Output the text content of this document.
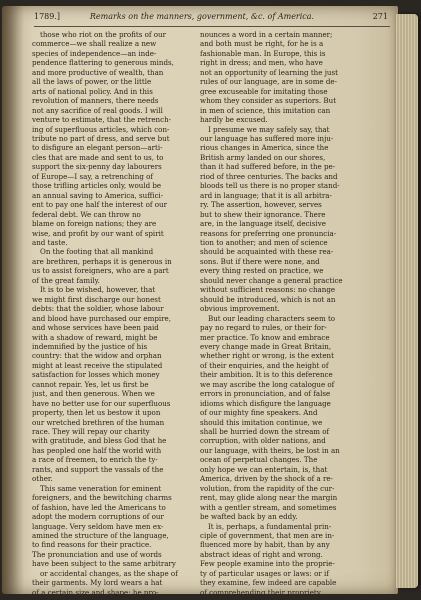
1789.]	Remarks on the manners, government, &c. of America.	271
those who riot on the profits of our
commerce—we shall realize a new
species of independence—an inde-
pendence flattering to generous minds,
and more productive of wealth, than
all the laws of power, or the little
arts of national policy. And in this
revolution of manners, there needs
not any sacrifice of real goods. I will
venture to estimate, that the retrench-
ing of superfluous articles, which con-
tribute no part of dress, and serve but
to disfigure an elegant person—arti-
cles that are made and sent to us, to
support the six-penny day labourers
of Europe—I say, a retrenching of
those trifling articles only, would be
an annual saving to America, suffici-
ent to pay one half the interest of our
federal debt. We can throw no
blame on foreign nations; they are
wise, and profit by our want of spirit
and taste.
On the footing that all mankind
are brethren, perhaps it is generous in
us to assist foreigners, who are a part
of the great family.
It is to be wished, however, that
we might first discharge our honest
debts: that the soldier, whose labour
and blood have purchased our empire,
and whose services have been paid
with a shadow of reward, might be
indemnified by the justice of his
country: that the widow and orphan
might at least receive the stipulated
satisfaction for losses which money
cannot repair. Yes, let us first be
just, and then generous. When we
have no better use for our superfluous
property, then let us bestow it upon
our wretched brethren of the human
race. They will repay our charity
with gratitude, and bless God that he
has peopled one half the world with
a race of freemen, to enrich the ty-
rants, and support the vassals of the
other.
This same veneration for eminent
foreigners, and the bewitching charms
of fashion, have led the Americans to
adopt the modern corruptions of our
language. Very seldom have men ex-
amined the structure of the language,
to find reasons for their practice.
The pronunciation and use of words
have been subject to the same arbitrary
or accidental changes, as the shape of
their garments. My lord wears a hat
of a certain size and shape; he pro-
nounces a word in a certain manner;
and both must be right, for he is a
fashionable man. In Europe, this is
right in dress; and men, who have
not an opportunity of learning the just
rules of our language, are in some de-
gree excuseable for imitating those
whom they consider as superiors. But
in men of science, this imitation can
hardly be excused.
I presume we may safely say, that
our language has suffered more inju-
rious changes in America, since the
British army landed on our shores,
than it had suffered before, in the pe-
riod of three centuries. The backs and
bloods tell us there is no proper stand-
ard in language; that it is all arbitra-
ry. The assertion, however, serves
but to shew their ignorance. There
are, in the language itself, decisive
reasons for preferring one pronuncia-
tion to another; and men of science
should be acquainted with these rea-
sons. But if there were none, and
every thing rested on practice, we
should never change a general practice
without sufficient reasons: no change
should be introduced, which is not an
obvious improvement.
But our leading characters seem to
pay no regard to rules, or their for-
mer practice. To know and embrace
every change made in Great Britain,
whether right or wrong, is the extent
of their enquiries, and the height of
their ambition. It is to this deference
we may ascribe the long catalogue of
errors in pronunciation, and of false
idioms which disfigure the language
of our mighty fine speakers. And
should this imitation continue, we
shall be hurried down the stream of
corruption, with older nations, and
our language, with theirs, be lost in an
ocean of perpetual changes. The
only hope we can entertain, is, that
America, driven by the shock of a re-
volution, from the rapidity of the cur-
rent, may glide along near the margin
with a gentler stream, and sometimes
be wafted back by an eddy.
It is, perhaps, a fundamental prin-
ciple of government, that men are in-
fluenced more by habit, than by any
abstract ideas of right and wrong.
Few people examine into the proprie-
ty of particular usages or laws: or if
they examine, few indeed are capable
of comprehending their propriety.
